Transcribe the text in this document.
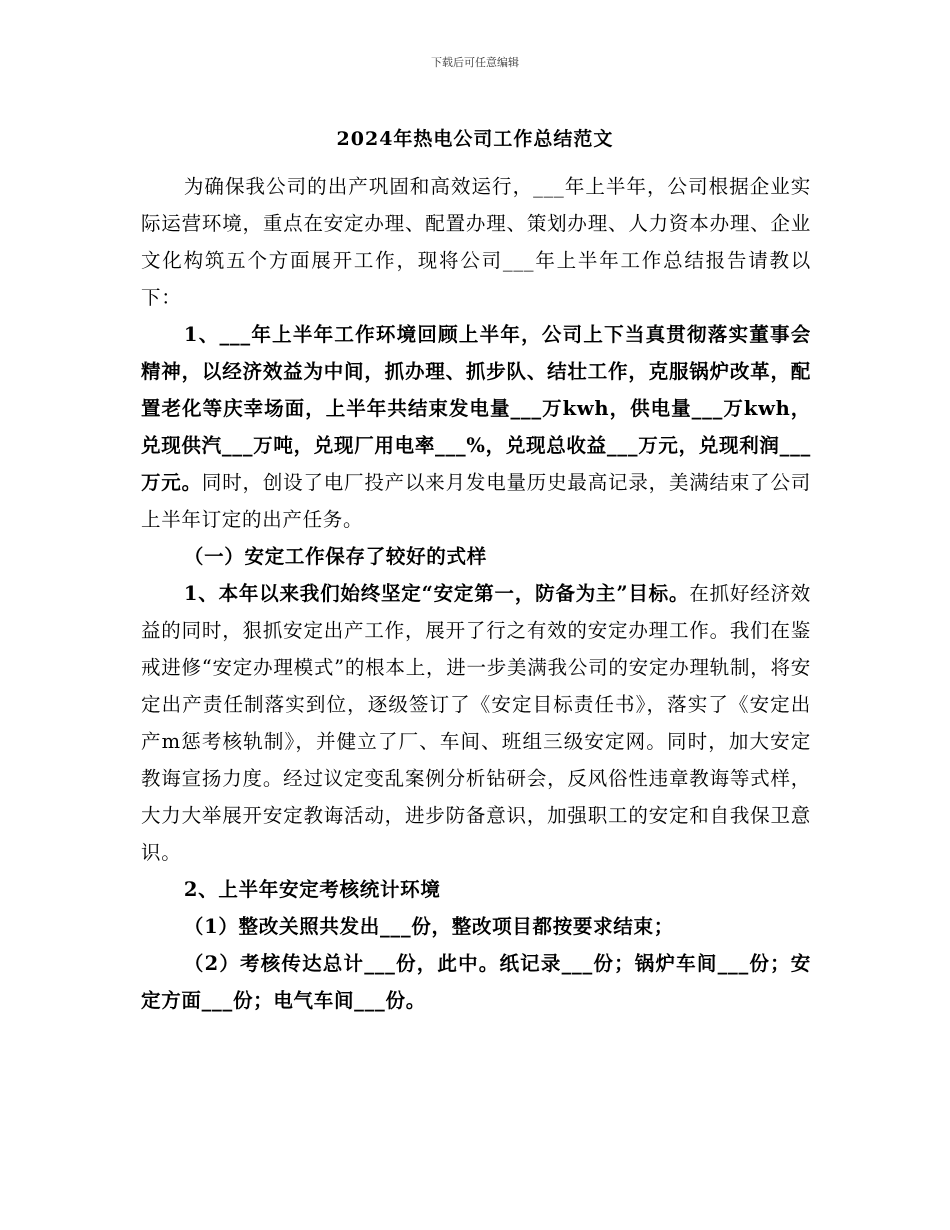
下载后可任意编辑
2024年热电公司工作总结范文

为确保我公司的出产巩固和高效运行，___年上半年，公司根据企业实际运营环境，重点在安定办理、配置办理、策划办理、人力资本办理、企业文化构筑五个方面展开工作，现将公司___年上半年工作总结报告请教以下：

1、___年上半年工作环境回顾上半年，公司上下当真贯彻落实董事会精神，以经济效益为中间，抓办理、抓步队、结壮工作，克服锅炉改革，配置老化等庆幸场面，上半年共结束发电量___万kwh，供电量___万kwh，兑现供汽___万吨，兑现厂用电率___%，兑现总收益___万元，兑现利润___万元。同时，创设了电厂投产以来月发电量历史最高记录，美满结束了公司上半年订定的出产任务。

（一）安定工作保存了较好的式样

1、本年以来我们始终坚定“安定第一，防备为主”目标。在抓好经济效益的同时，狠抓安定出产工作，展开了行之有效的安定办理工作。我们在鉴戒进修“安定办理模式”的根本上，进一步美满我公司的安定办理轨制，将安定出产责任制落实到位，逐级签订了《安定目标责任书》，落实了《安定出产m惩考核轨制》，并健立了厂、车间、班组三级安定网。同时，加大安定教诲宣扬力度。经过议定变乱案例分析钻研会，反风俗性违章教诲等式样，大力大举展开安定教诲活动，进步防备意识，加强职工的安定和自我保卫意识。

2、上半年安定考核统计环境

（1）整改关照共发出___份，整改项目都按要求结束；

（2）考核传达总计___份，此中。纸记录___份；锅炉车间___份；安定方面___份；电气车间___份。
